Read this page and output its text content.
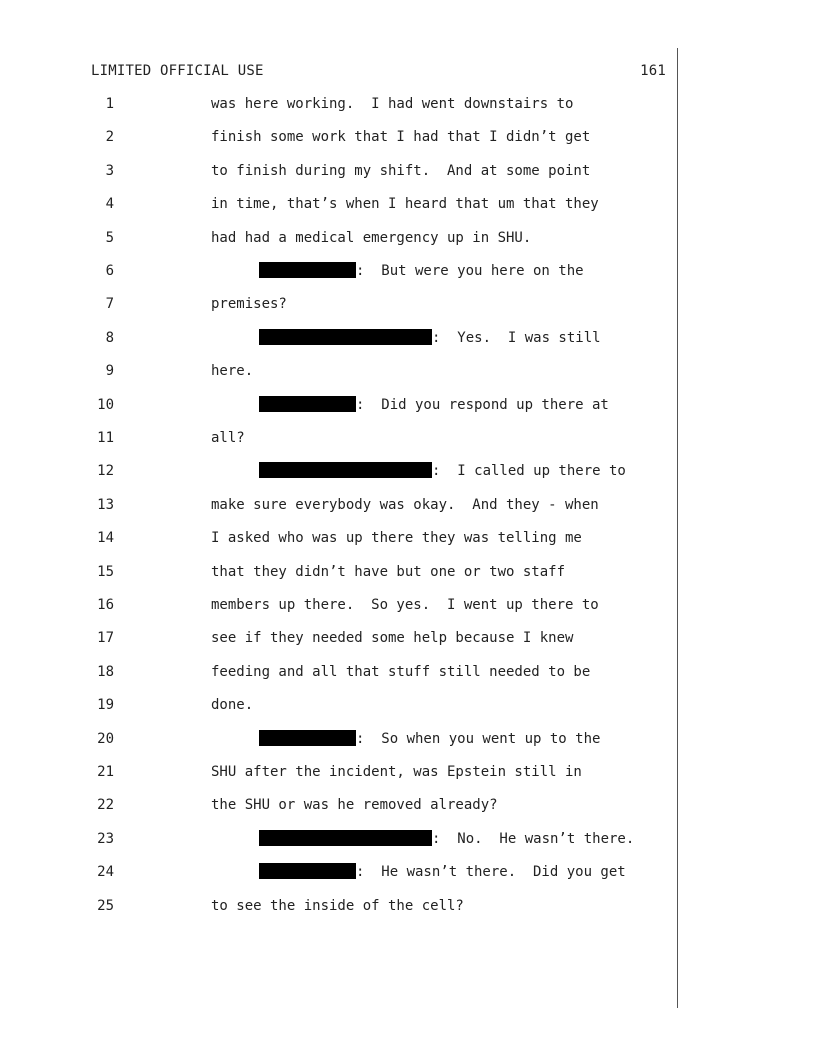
LIMITED OFFICIAL USE	161
1	was here working.  I had went downstairs to
2	finish some work that I had that I didn’t get
3	to finish during my shift.  And at some point
4	in time, that’s when I heard that um that they
5	had had a medical emergency up in SHU.
6	:  But were you here on the
7	premises?
8	:  Yes.  I was still
9	here.
10	:  Did you respond up there at
11	all?
12	:  I called up there to
13	make sure everybody was okay.  And they - when
14	I asked who was up there they was telling me
15	that they didn’t have but one or two staff
16	members up there.  So yes.  I went up there to
17	see if they needed some help because I knew
18	feeding and all that stuff still needed to be
19	done.
20	:  So when you went up to the
21	SHU after the incident, was Epstein still in
22	the SHU or was he removed already?
23	:  No.  He wasn’t there.
24	:  He wasn’t there.  Did you get
25	to see the inside of the cell?
